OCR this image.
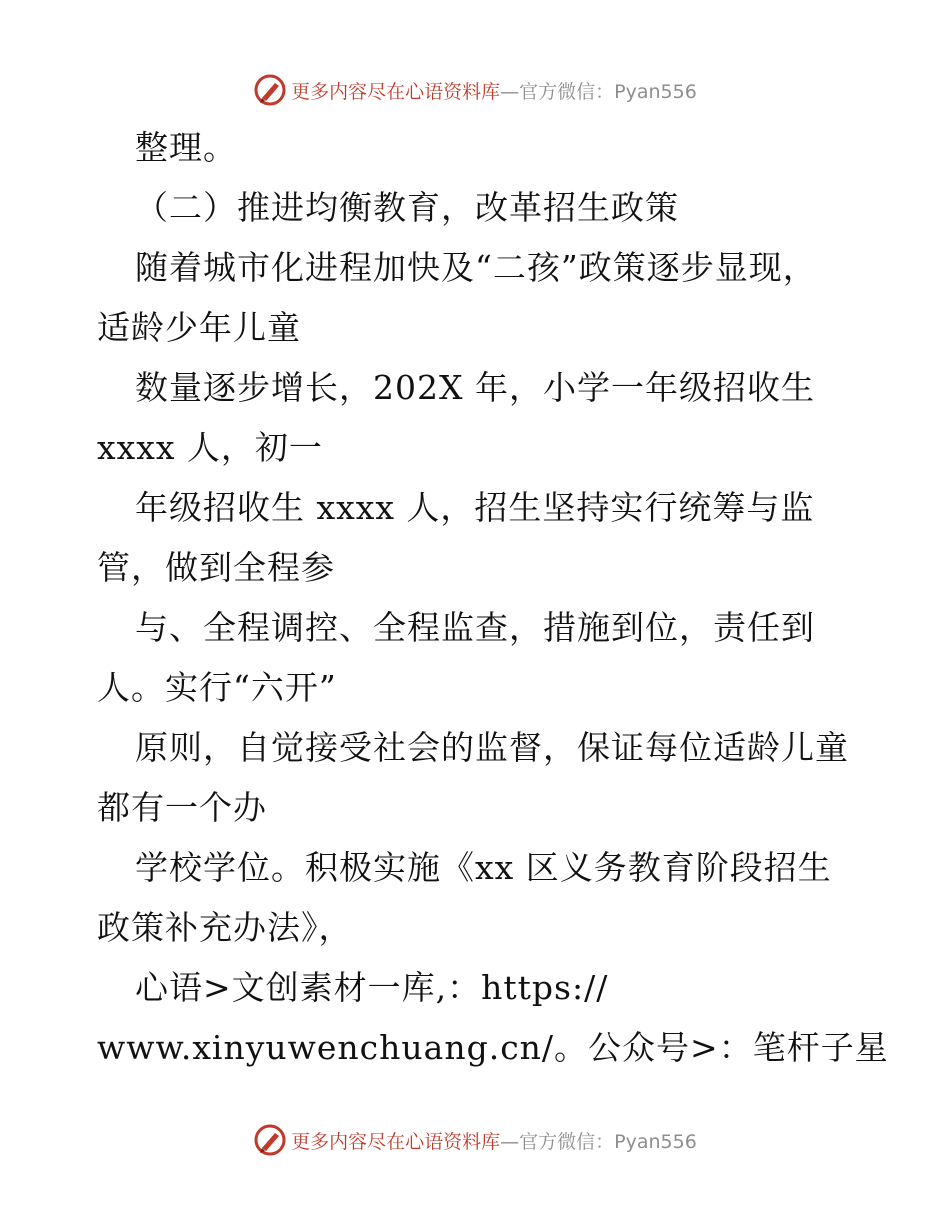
更多内容尽在心语资料库 —官方微信：Pyan556
整理。
（二）推进均衡教育，改革招生政策
随着城市化进程加快及“二孩”政策逐步显现，
适龄少年儿童
数量逐步增长，202X 年，小学一年级招收生
xxxx 人，初一
年级招收生 xxxx 人，招生坚持实行统筹与监
管，做到全程参
与、全程调控、全程监查，措施到位，责任到
人。实行“六开”
原则，自觉接受社会的监督，保证每位适龄儿童
都有一个办
学校学位。积极实施《xx 区义务教育阶段招生
政策补充办法》，
心语>文创素材一库,：https://
www.xinyuwenchuang.cn/。公众号>：笔杆子星
更多内容尽在心语资料库 —官方微信：Pyan556
